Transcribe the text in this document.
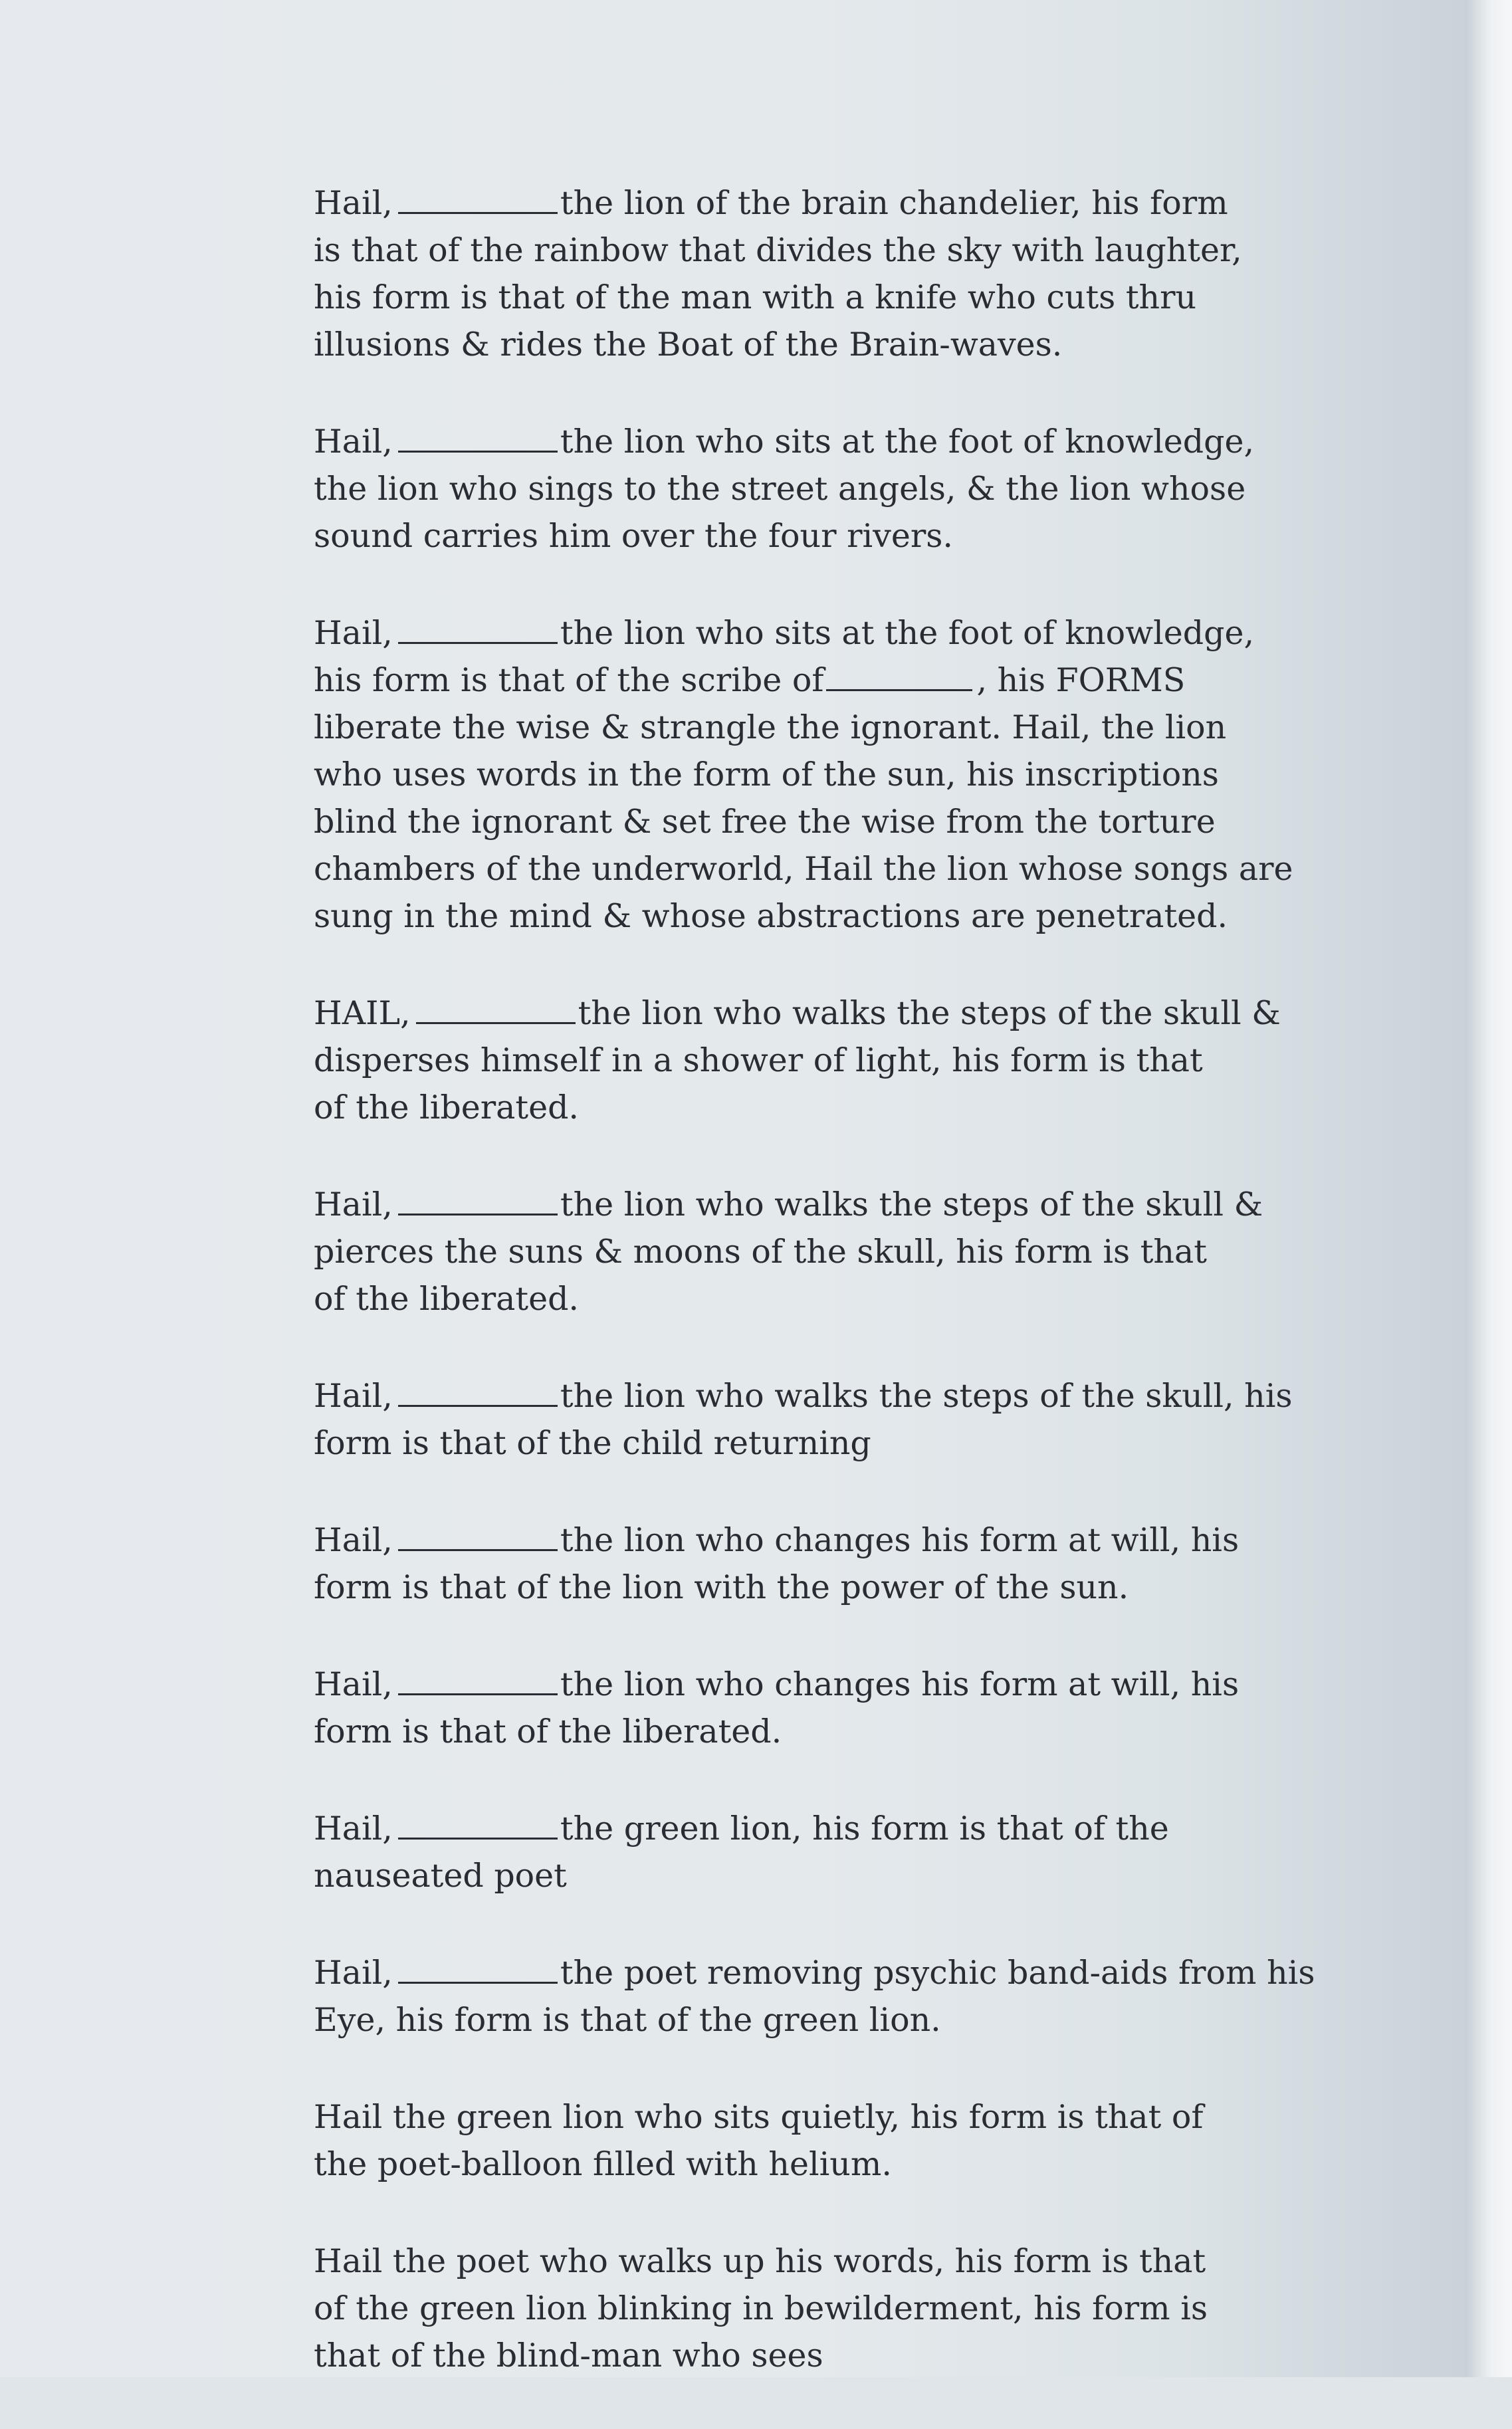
Hail,	the lion of the brain chandelier, his form
is that of the rainbow that divides the sky with laughter,
his form is that of the man with a knife who cuts thru
illusions & rides the Boat of the Brain-waves.
Hail,	the lion who sits at the foot of knowledge,
the lion who sings to the street angels, & the lion whose
sound carries him over the four rivers.
Hail,	the lion who sits at the foot of knowledge,
his form is that of the scribe of	, his FORMS
liberate the wise & strangle the ignorant. Hail, the lion
who uses words in the form of the sun, his inscriptions
blind the ignorant & set free the wise from the torture
chambers of the underworld, Hail the lion whose songs are
sung in the mind & whose abstractions are penetrated.
HAIL,	the lion who walks the steps of the skull &
disperses himself in a shower of light, his form is that
of the liberated.
Hail,	the lion who walks the steps of the skull &
pierces the suns & moons of the skull, his form is that
of the liberated.
Hail,	the lion who walks the steps of the skull, his
form is that of the child returning
Hail,	the lion who changes his form at will, his
form is that of the lion with the power of the sun.
Hail,	the lion who changes his form at will, his
form is that of the liberated.
Hail,	the green lion, his form is that of the
nauseated poet
Hail,	the poet removing psychic band-aids from his
Eye, his form is that of the green lion.
Hail the green lion who sits quietly, his form is that of
the poet-balloon filled with helium.
Hail the poet who walks up his words, his form is that
of the green lion blinking in bewilderment, his form is
that of the blind-man who sees
